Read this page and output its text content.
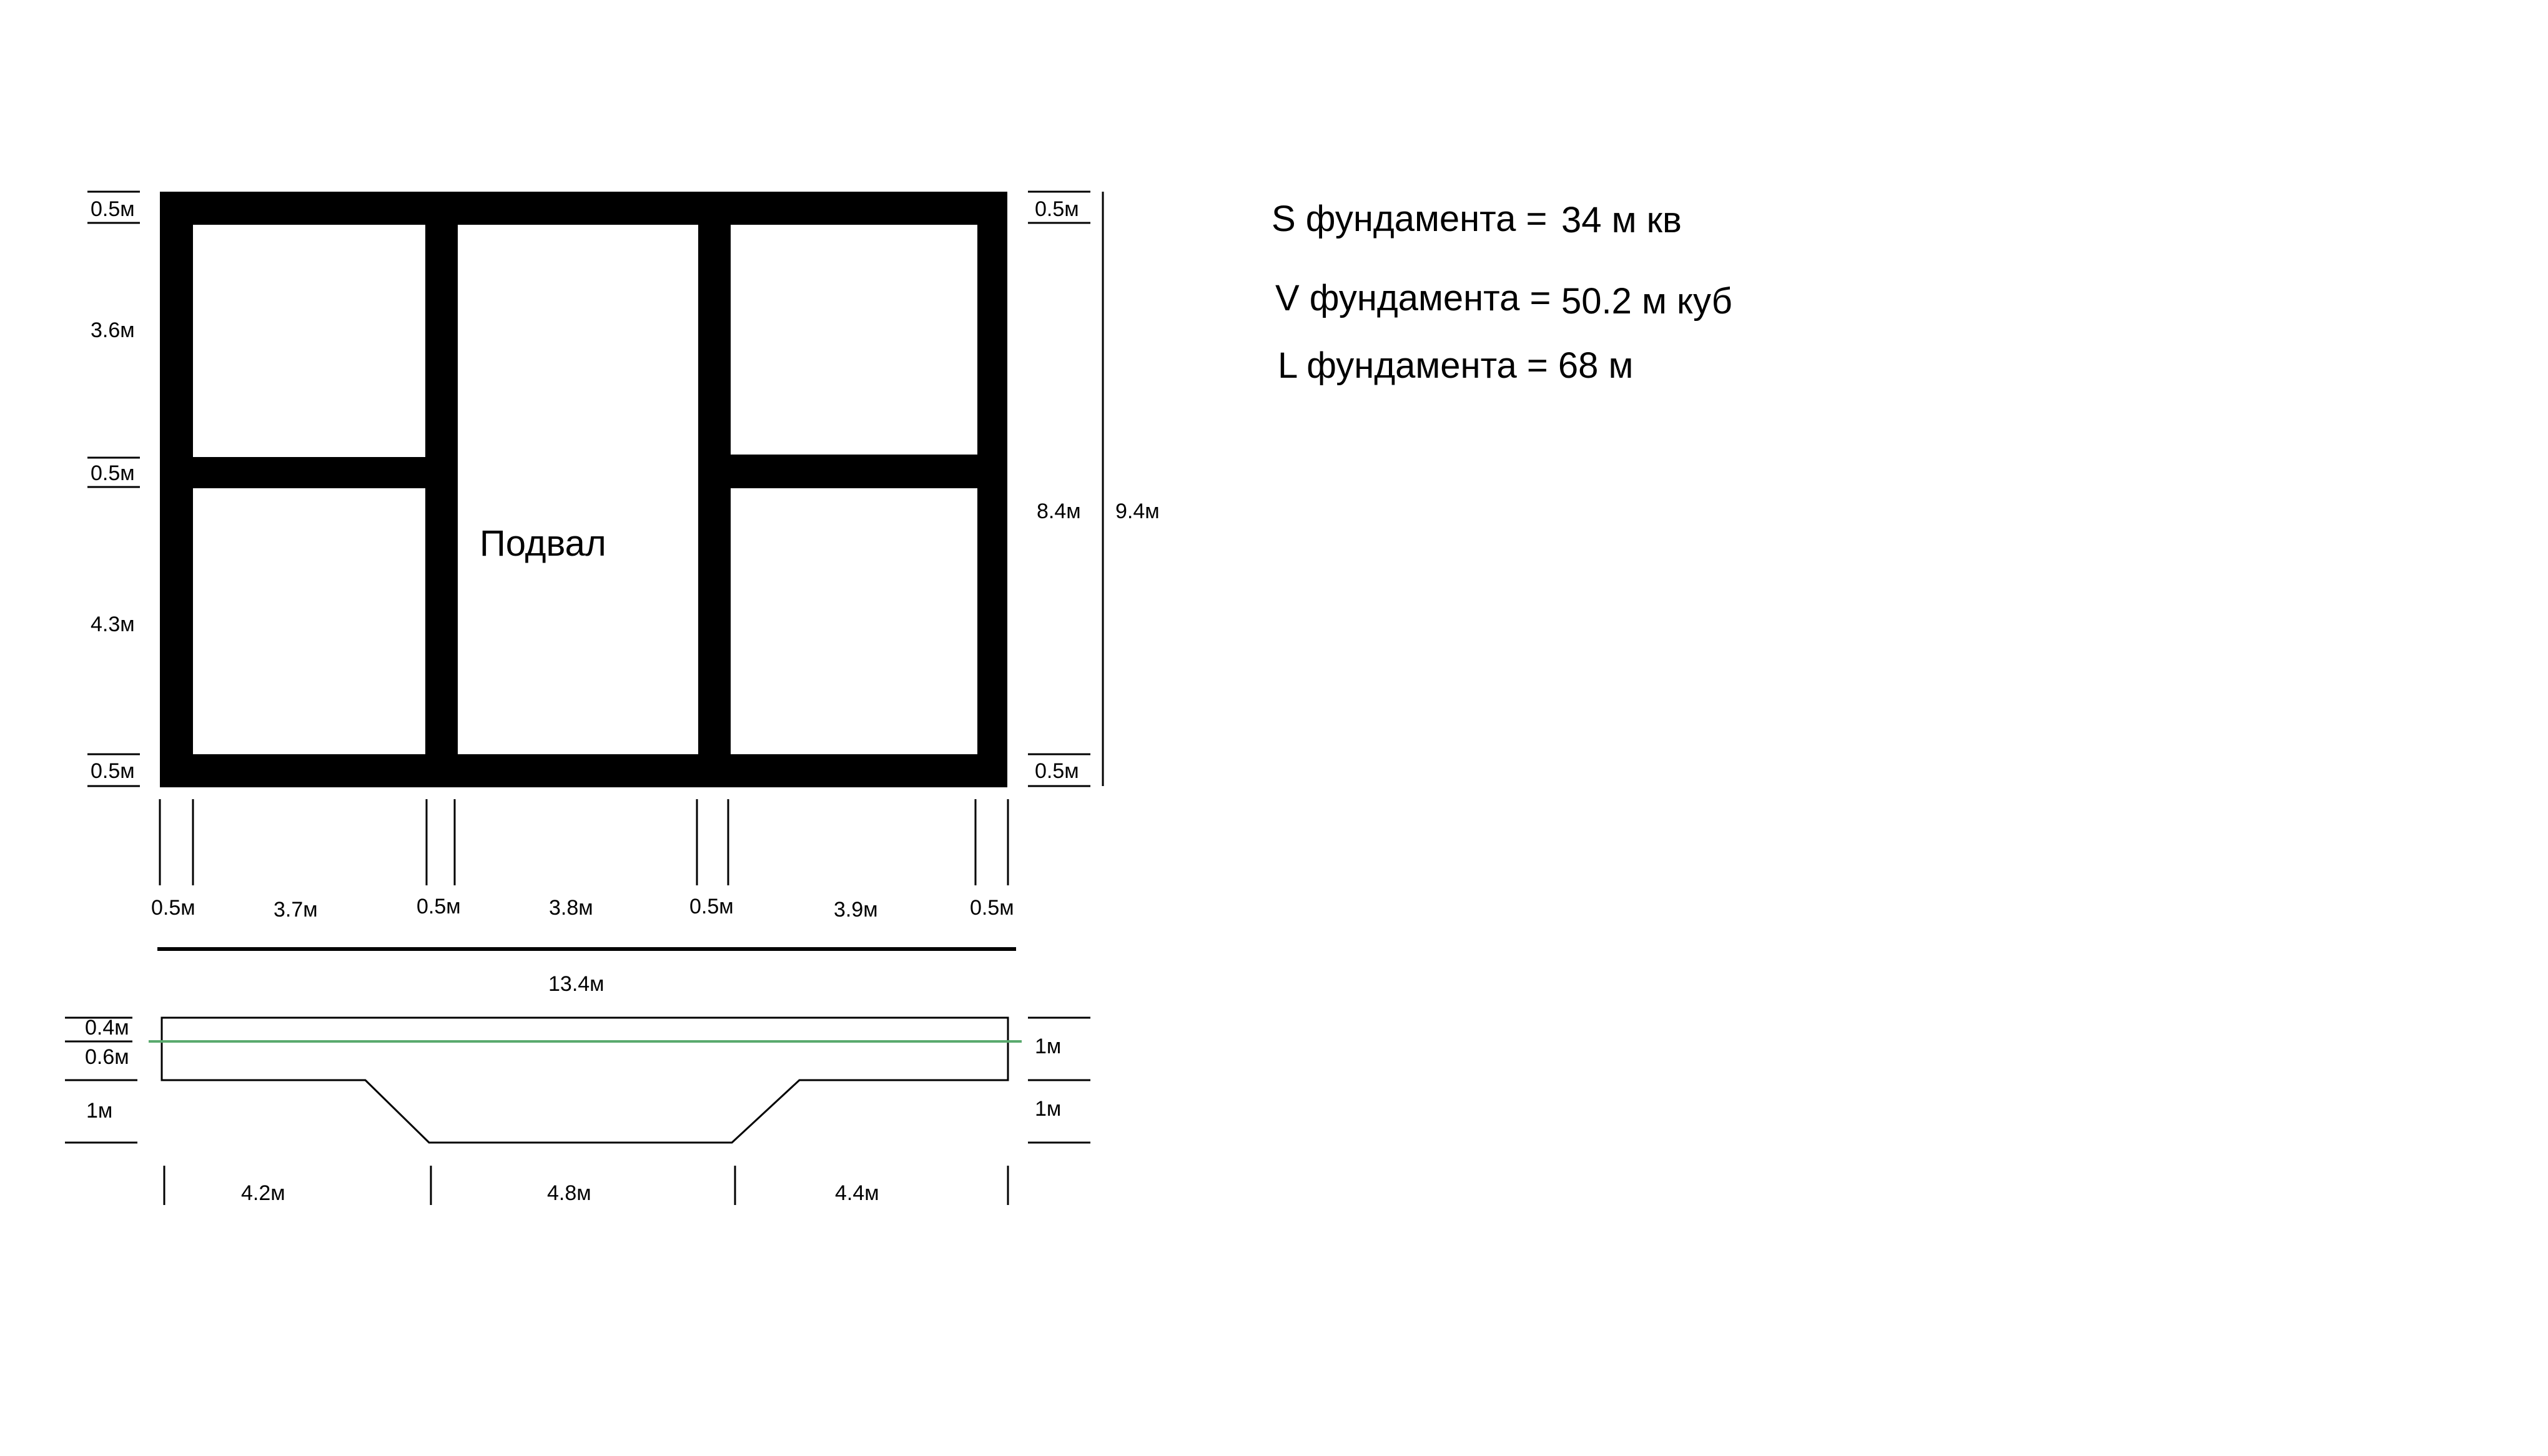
Подвал
0.5м
3.6м
0.5м
4.3м
0.5м
0.5м
8.4м 9.4м
0.5м
0.5м	3.7м	0.5м	3.8м	0.5м	3.9м	0.5м
13.4м
0.4м
0.6м
1м
1м
1м
4.2м	4.8м	4.4м
S фундамента = 34 м кв
V фундамента = 50.2 м куб
L фундамента = 68 м
